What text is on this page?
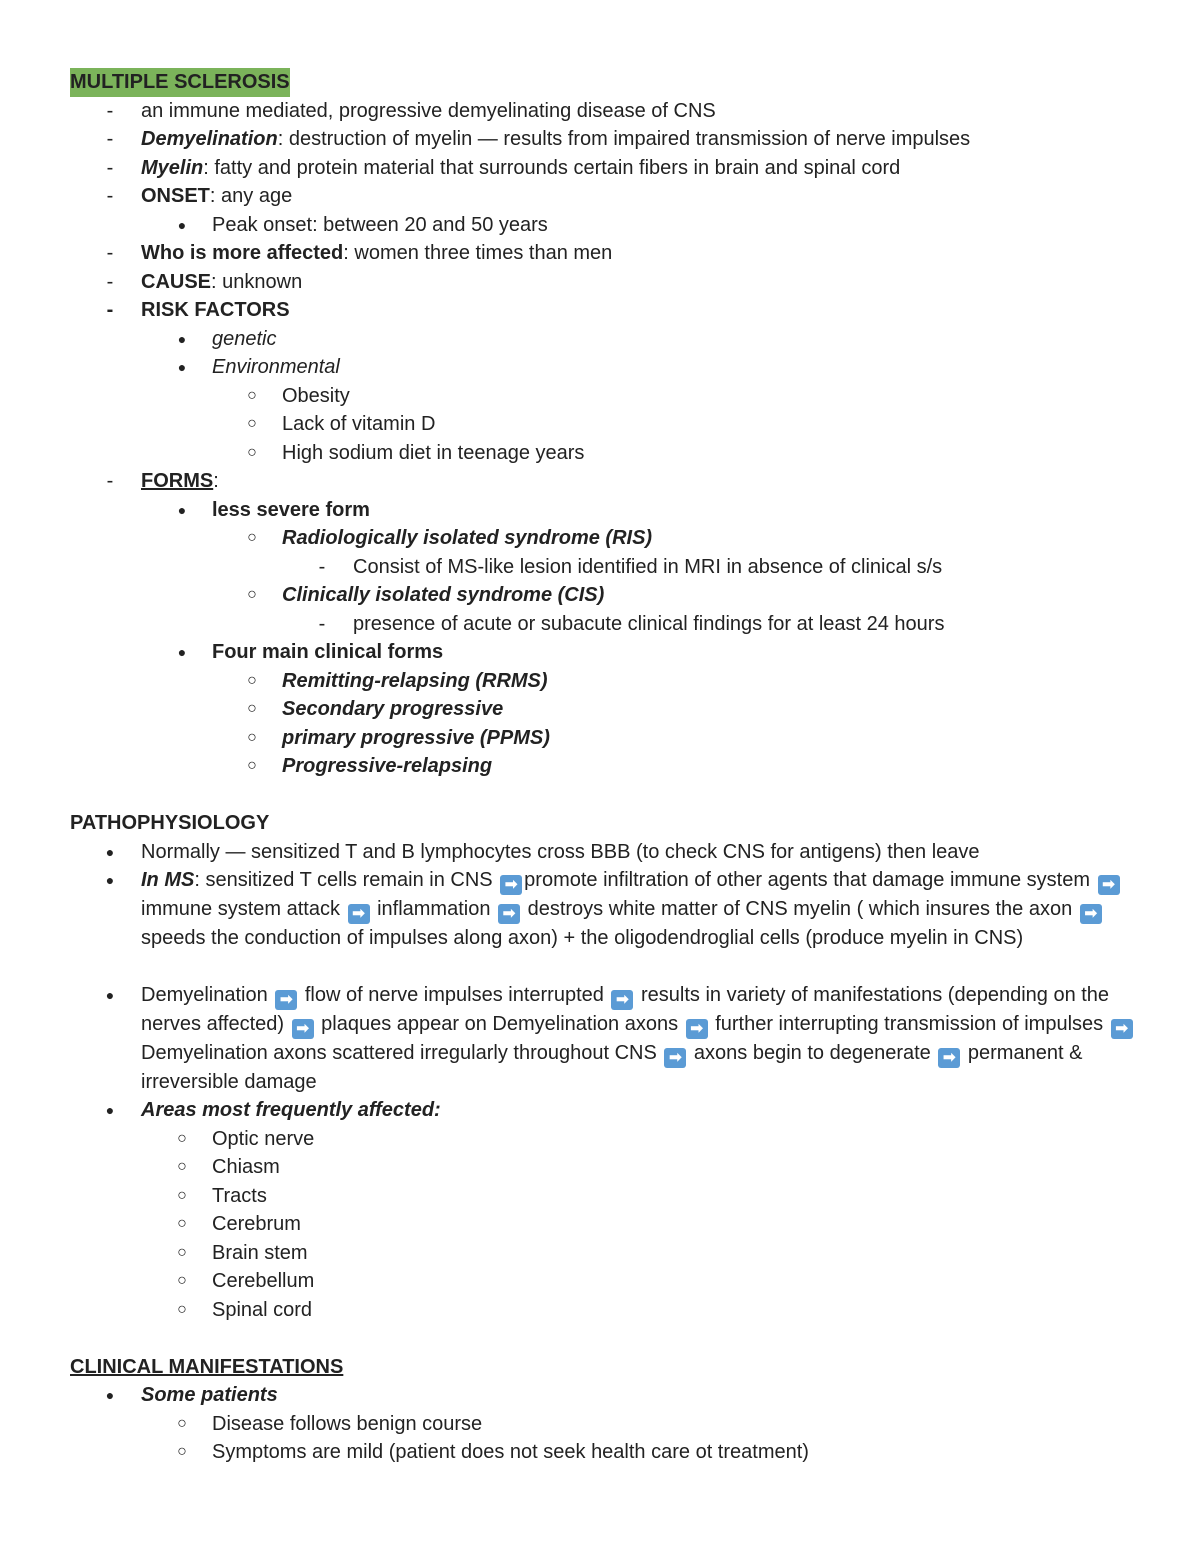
MULTIPLE SCLEROSIS
-	an immune mediated, progressive demyelinating disease of CNS
-	Demyelination: destruction of myelin — results from impaired transmission of nerve impulses
-	Myelin: fatty and protein material that surrounds certain fibers in brain and spinal cord
-	ONSET: any age
● Peak onset: between 20 and 50 years
-	Who is more affected: women three times than men
-	CAUSE: unknown
-	RISK FACTORS
● genetic
● Environmental
○ Obesity
○ Lack of vitamin D
○ High sodium diet in teenage years
-	FORMS:
● less severe form
○ Radiologically isolated syndrome (RIS)
-	Consist of MS-like lesion identified in MRI in absence of clinical s/s
○ Clinically isolated syndrome (CIS)
-	presence of acute or subacute clinical findings for at least 24 hours
● Four main clinical forms
○ Remitting-relapsing (RRMS)
○ Secondary progressive
○ primary progressive (PPMS)
○ Progressive-relapsing
PATHOPHYSIOLOGY
● Normally — sensitized T and B lymphocytes cross BBB (to check CNS for antigens) then leave
● In MS: sensitized T cells remain in CNS ➡ promote infiltration of other agents that damage immune system ➡ immune system attack ➡ inflammation ➡ destroys white matter of CNS myelin ( which insures the axon ➡ speeds the conduction of impulses along axon) + the oligodendroglial cells (produce myelin in CNS)
● Demyelination ➡ flow of nerve impulses interrupted ➡ results in variety of manifestations (depending on the nerves affected) ➡ plaques appear on Demyelination axons ➡ further interrupting transmission of impulses ➡ Demyelination axons scattered irregularly throughout CNS ➡ axons begin to degenerate ➡ permanent & irreversible damage
● Areas most frequently affected:
○ Optic nerve
○ Chiasm
○ Tracts
○ Cerebrum
○ Brain stem
○ Cerebellum
○ Spinal cord
CLINICAL MANIFESTATIONS
● Some patients
○ Disease follows benign course
○ Symptoms are mild (patient does not seek health care ot treatment)
